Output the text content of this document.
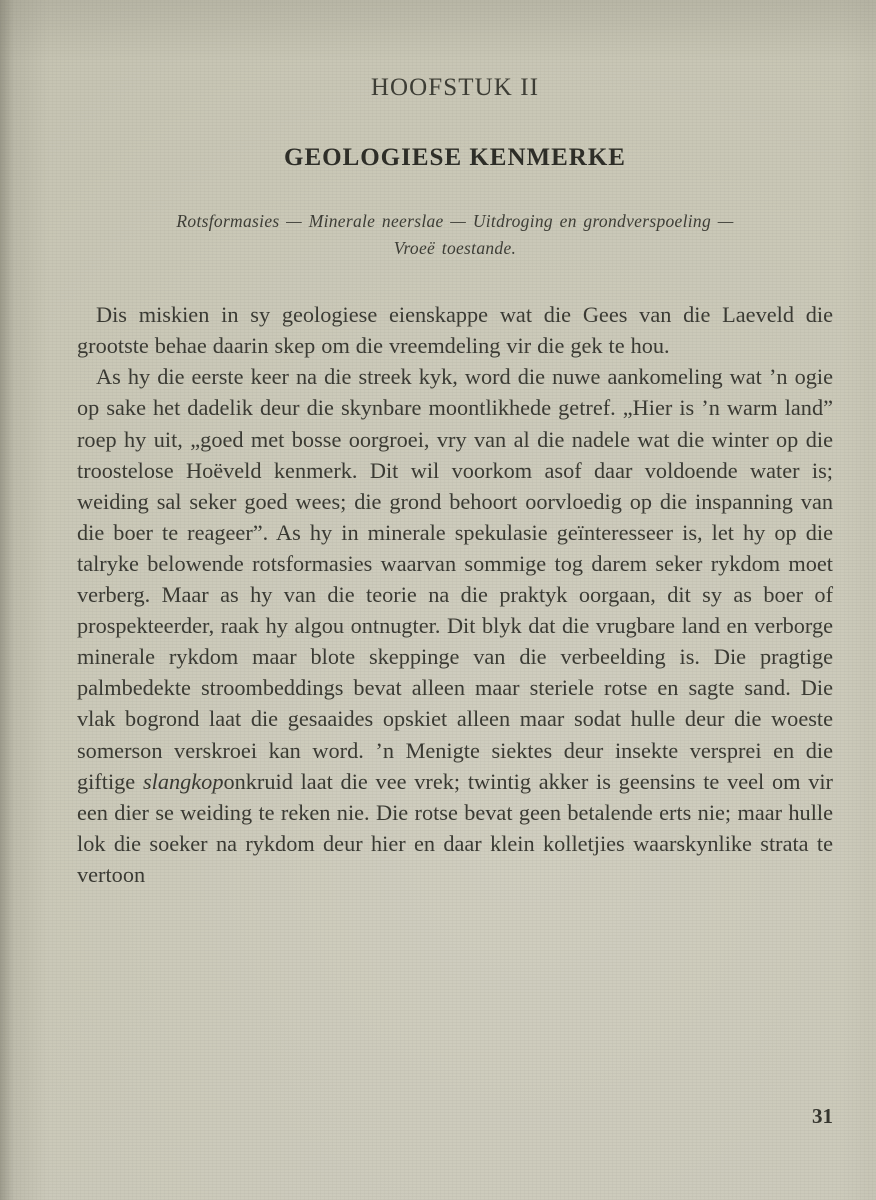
HOOFSTUK II
GEOLOGIESE KENMERKE
Rotsformasies — Minerale neerslae — Uitdroging en grondverspoeling —
Vroeë toestande.

Dis miskien in sy geologiese eienskappe wat die Gees van die Laeveld die grootste behae daarin skep om die vreemdeling vir die gek te hou.

As hy die eerste keer na die streek kyk, word die nuwe aankomeling wat ’n ogie op sake het dadelik deur die skynbare moontlikhede getref. „Hier is ’n warm land” roep hy uit, „goed met bosse oorgroei, vry van al die nadele wat die winter op die troostelose Hoëveld kenmerk. Dit wil voorkom asof daar voldoende water is; weiding sal seker goed wees; die grond behoort oorvloedig op die inspanning van die boer te reageer”. As hy in minerale spekulasie geïnteresseer is, let hy op die talryke belowende rotsformasies waarvan sommige tog darem seker rykdom moet verberg. Maar as hy van die teorie na die praktyk oorgaan, dit sy as boer of prospekteerder, raak hy algou ontnugter. Dit blyk dat die vrugbare land en verborge minerale rykdom maar blote skeppinge van die verbeelding is. Die pragtige palmbedekte stroombeddings bevat alleen maar steriele rotse en sagte sand. Die vlak bogrond laat die gesaaides opskiet alleen maar sodat hulle deur die woeste somerson verskroei kan word. ’n Menigte siektes deur insekte versprei en die giftige slangkoponkruid laat die vee vrek; twintig akker is geensins te veel om vir een dier se weiding te reken nie. Die rotse bevat geen betalende erts nie; maar hulle lok die soeker na rykdom deur hier en daar klein kolletjies waarskynlike strata te vertoon

31
